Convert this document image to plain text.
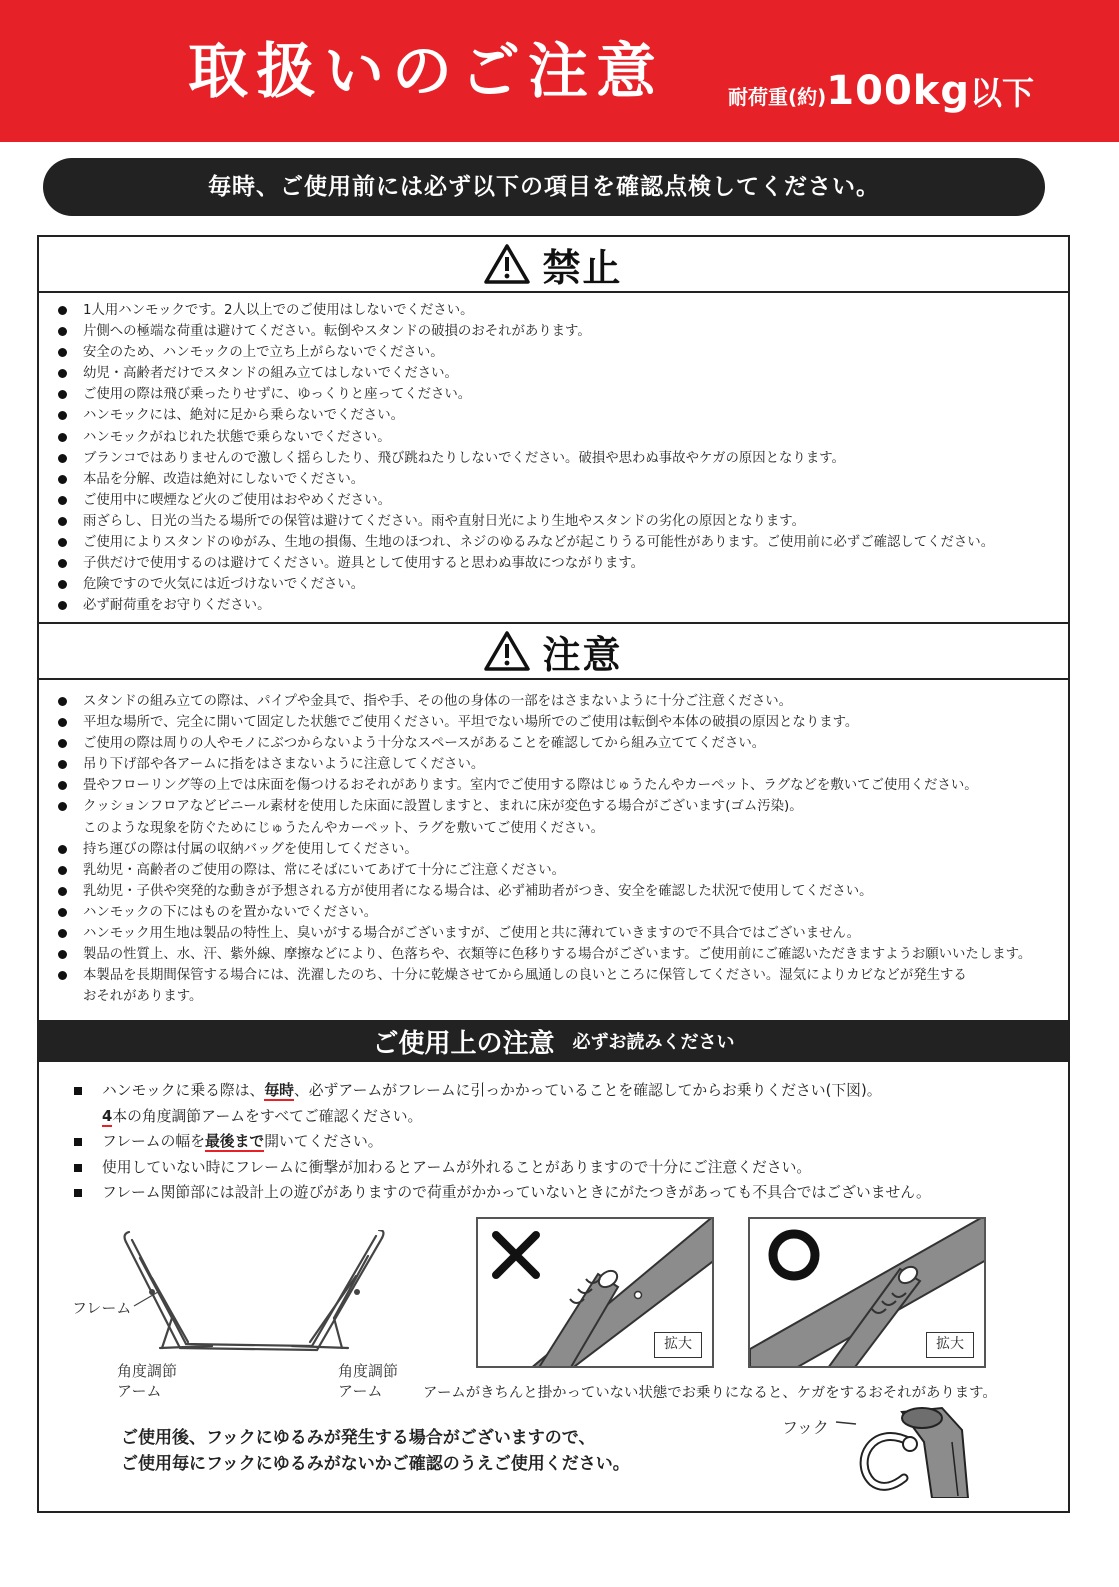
取扱いのご注意	耐荷重(約)100kg以下
毎時、ご使用前には必ず以下の項目を確認点検してください。
禁止
1人用ハンモックです。2人以上でのご使用はしないでください。
片側への極端な荷重は避けてください。転倒やスタンドの破損のおそれがあります。
安全のため、ハンモックの上で立ち上がらないでください。
幼児・高齢者だけでスタンドの組み立てはしないでください。
ご使用の際は飛び乗ったりせずに、ゆっくりと座ってください。
ハンモックには、絶対に足から乗らないでください。
ハンモックがねじれた状態で乗らないでください。
ブランコではありませんので激しく揺らしたり、飛び跳ねたりしないでください。破損や思わぬ事故やケガの原因となります。
本品を分解、改造は絶対にしないでください。
ご使用中に喫煙など火のご使用はおやめください。
雨ざらし、日光の当たる場所での保管は避けてください。雨や直射日光により生地やスタンドの劣化の原因となります。
ご使用によりスタンドのゆがみ、生地の損傷、生地のほつれ、ネジのゆるみなどが起こりうる可能性があります。ご使用前に必ずご確認してください。
子供だけで使用するのは避けてください。遊具として使用すると思わぬ事故につながります。
危険ですので火気には近づけないでください。
必ず耐荷重をお守りください。
注意
スタンドの組み立ての際は、パイプや金具で、指や手、その他の身体の一部をはさまないように十分ご注意ください。
平坦な場所で、完全に開いて固定した状態でご使用ください。平坦でない場所でのご使用は転倒や本体の破損の原因となります。
ご使用の際は周りの人やモノにぶつからないよう十分なスペースがあることを確認してから組み立ててください。
吊り下げ部や各アームに指をはさまないように注意してください。
畳やフローリング等の上では床面を傷つけるおそれがあります。室内でご使用する際はじゅうたんやカーペット、ラグなどを敷いてご使用ください。
クッションフロアなどビニール素材を使用した床面に設置しますと、まれに床が変色する場合がございます(ゴム汚染)。
このような現象を防ぐためにじゅうたんやカーペット、ラグを敷いてご使用ください。
持ち運びの際は付属の収納バッグを使用してください。
乳幼児・高齢者のご使用の際は、常にそばにいてあげて十分にご注意ください。
乳幼児・子供や突発的な動きが予想される方が使用者になる場合は、必ず補助者がつき、安全を確認した状況で使用してください。
ハンモックの下にはものを置かないでください。
ハンモック用生地は製品の特性上、臭いがする場合がございますが、ご使用と共に薄れていきますので不具合ではございません。
製品の性質上、水、汗、紫外線、摩擦などにより、色落ちや、衣類等に色移りする場合がございます。ご使用前にご確認いただきますようお願いいたします。
本製品を長期間保管する場合には、洗濯したのち、十分に乾燥させてから風通しの良いところに保管してください。湿気によりカビなどが発生する
おそれがあります。
ご使用上の注意 必ずお読みください
ハンモックに乗る際は、毎時、必ずアームがフレームに引っかかっていることを確認してからお乗りください(下図)。
4本の角度調節アームをすべてご確認ください。
フレームの幅を最後まで開いてください。
使用していない時にフレームに衝撃が加わるとアームが外れることがありますので十分にご注意ください。
フレーム関節部には設計上の遊びがありますので荷重がかかっていないときにがたつきがあっても不具合ではございません。
フレーム
角度調節
アーム
角度調節
アーム
拡大	拡大
アームがきちんと掛かっていない状態でお乗りになると、ケガをするおそれがあります。
ご使用後、フックにゆるみが発生する場合がございますので、
ご使用毎にフックにゆるみがないかご確認のうえご使用ください。
フック
